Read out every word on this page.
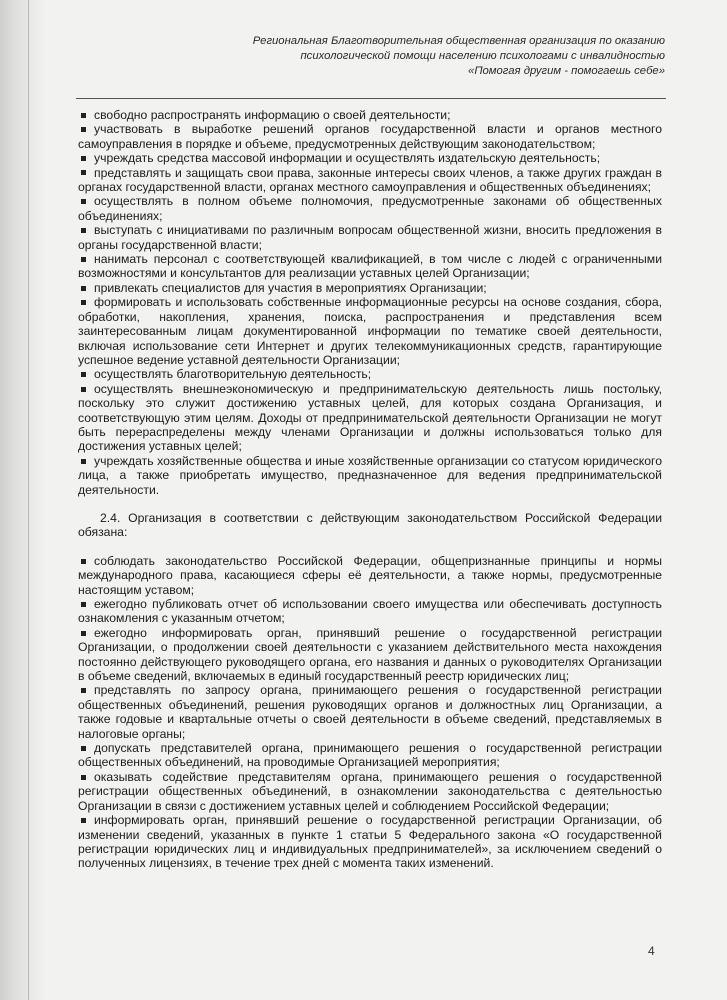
Региональная Благотворительная общественная организация по оказанию
психологической помощи населению психологами с инвалидностью
«Помогая другим - помогаешь себе»

свободно распространять информацию о своей деятельности;

участвовать в выработке решений органов государственной власти и органов местного самоуправления в порядке и объеме, предусмотренных действующим законодательством;

учреждать средства массовой информации и осуществлять издательскую деятельность;

представлять и защищать свои права, законные интересы своих членов, а также других граждан в органах государственной власти, органах местного самоуправления и общественных объединениях;

осуществлять в полном объеме полномочия, предусмотренные законами об общественных объединениях;

выступать с инициативами по различным вопросам общественной жизни, вносить предложения в органы государственной власти;

нанимать персонал с соответствующей квалификацией, в том числе с людей с ограниченными возможностями и консультантов для реализации уставных целей Организации;

привлекать специалистов для участия в мероприятиях Организации;

формировать и использовать собственные информационные ресурсы на основе создания, сбора, обработки, накопления, хранения, поиска, распространения и представления всем заинтересованным лицам документированной информации по тематике своей деятельности, включая использование сети Интернет и других телекоммуникационных средств, гарантирующие успешное ведение уставной деятельности Организации;

осуществлять благотворительную деятельность;

осуществлять внешнеэкономическую и предпринимательскую деятельность лишь постольку, поскольку это служит достижению уставных целей, для которых создана Организация, и соответствующую этим целям. Доходы от предпринимательской деятельности Организации не могут быть перераспределены между членами Организации и должны использоваться только для достижения уставных целей;

учреждать хозяйственные общества и иные хозяйственные организации со статусом юридического лица, а также приобретать имущество, предназначенное для ведения предпринимательской деятельности.

2.4. Организация в соответствии с действующим законодательством Российской Федерации обязана:

соблюдать законодательство Российской Федерации, общепризнанные принципы и нормы международного права, касающиеся сферы её деятельности, а также нормы, предусмотренные настоящим уставом;

ежегодно публиковать отчет об использовании своего имущества или обеспечивать доступность ознакомления с указанным отчетом;

ежегодно информировать орган, принявший решение о государственной регистрации Организации, о продолжении своей деятельности с указанием действительного места нахождения постоянно действующего руководящего органа, его названия и данных о руководителях Организации в объеме сведений, включаемых в единый государственный реестр юридических лиц;

представлять по запросу органа, принимающего решения о государственной регистрации общественных объединений, решения руководящих органов и должностных лиц Организации, а также годовые и квартальные отчеты о своей деятельности в объеме сведений, представляемых в налоговые органы;

допускать представителей органа, принимающего решения о государственной регистрации общественных объединений, на проводимые Организацией мероприятия;

оказывать содействие представителям органа, принимающего решения о государственной регистрации общественных объединений, в ознакомлении законодательства с деятельностью Организации в связи с достижением уставных целей и соблюдением Российской Федерации;

информировать орган, принявший решение о государственной регистрации Организации, об изменении сведений, указанных в пункте 1 статьи 5 Федерального закона «О государственной регистрации юридических лиц и индивидуальных предпринимателей», за исключением сведений о полученных лицензиях, в течение трех дней с момента таких изменений.

4
